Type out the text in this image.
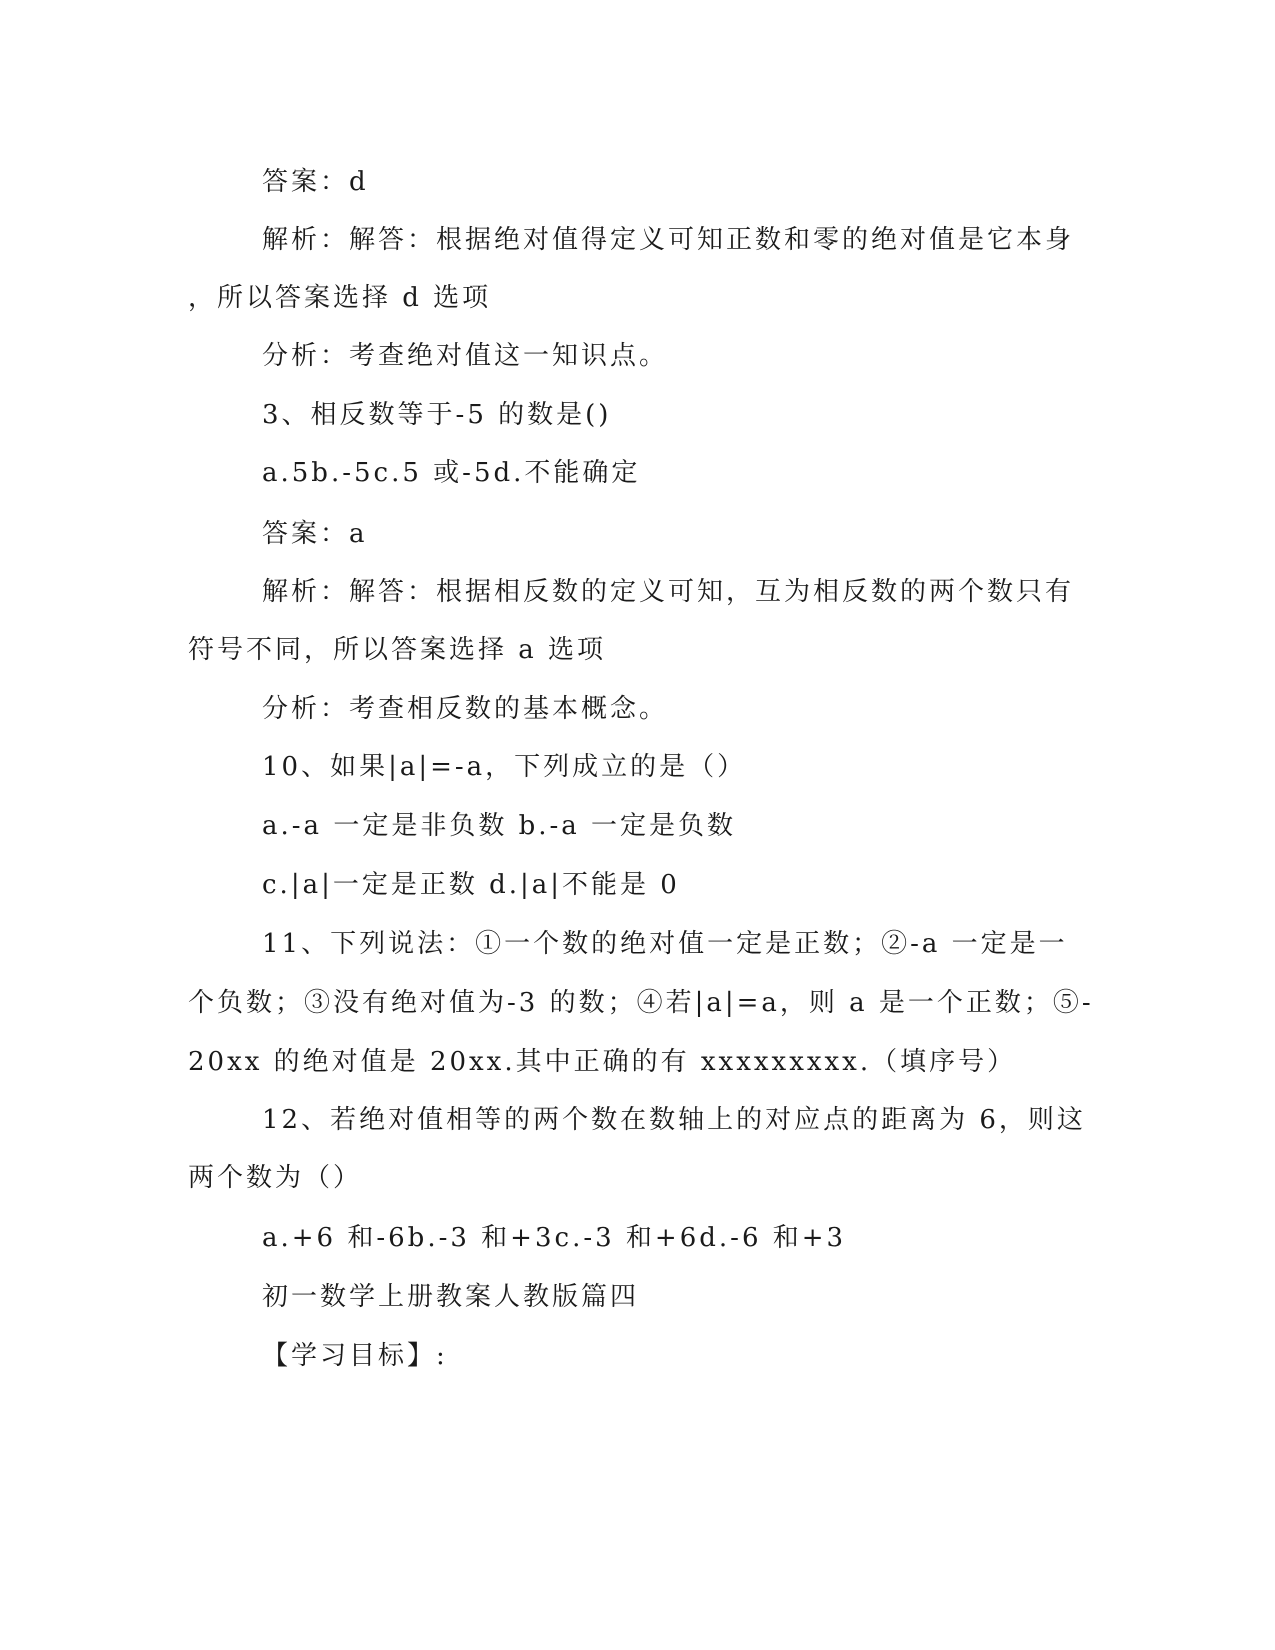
答案：d
解析：解答：根据绝对值得定义可知正数和零的绝对值是它本身
，所以答案选择 d 选项
分析：考查绝对值这一知识点。
3、相反数等于-5 的数是()
a.5b.-5c.5 或-5d.不能确定
答案：a
解析：解答：根据相反数的定义可知，互为相反数的两个数只有
符号不同，所以答案选择 a 选项
分析：考查相反数的基本概念。
10、如果|a|=-a，下列成立的是（）
a.-a 一定是非负数 b.-a 一定是负数
c.|a|一定是正数 d.|a|不能是 0
11、下列说法：①一个数的绝对值一定是正数；②-a 一定是一
个负数；③没有绝对值为-3 的数；④若|a|=a，则 a 是一个正数；⑤-
20xx 的绝对值是 20xx.其中正确的有 xxxxxxxxx.（填序号）
12、若绝对值相等的两个数在数轴上的对应点的距离为 6，则这
两个数为（）
a.+6 和-6b.-3 和+3c.-3 和+6d.-6 和+3
初一数学上册教案人教版篇四
【学习目标】:
